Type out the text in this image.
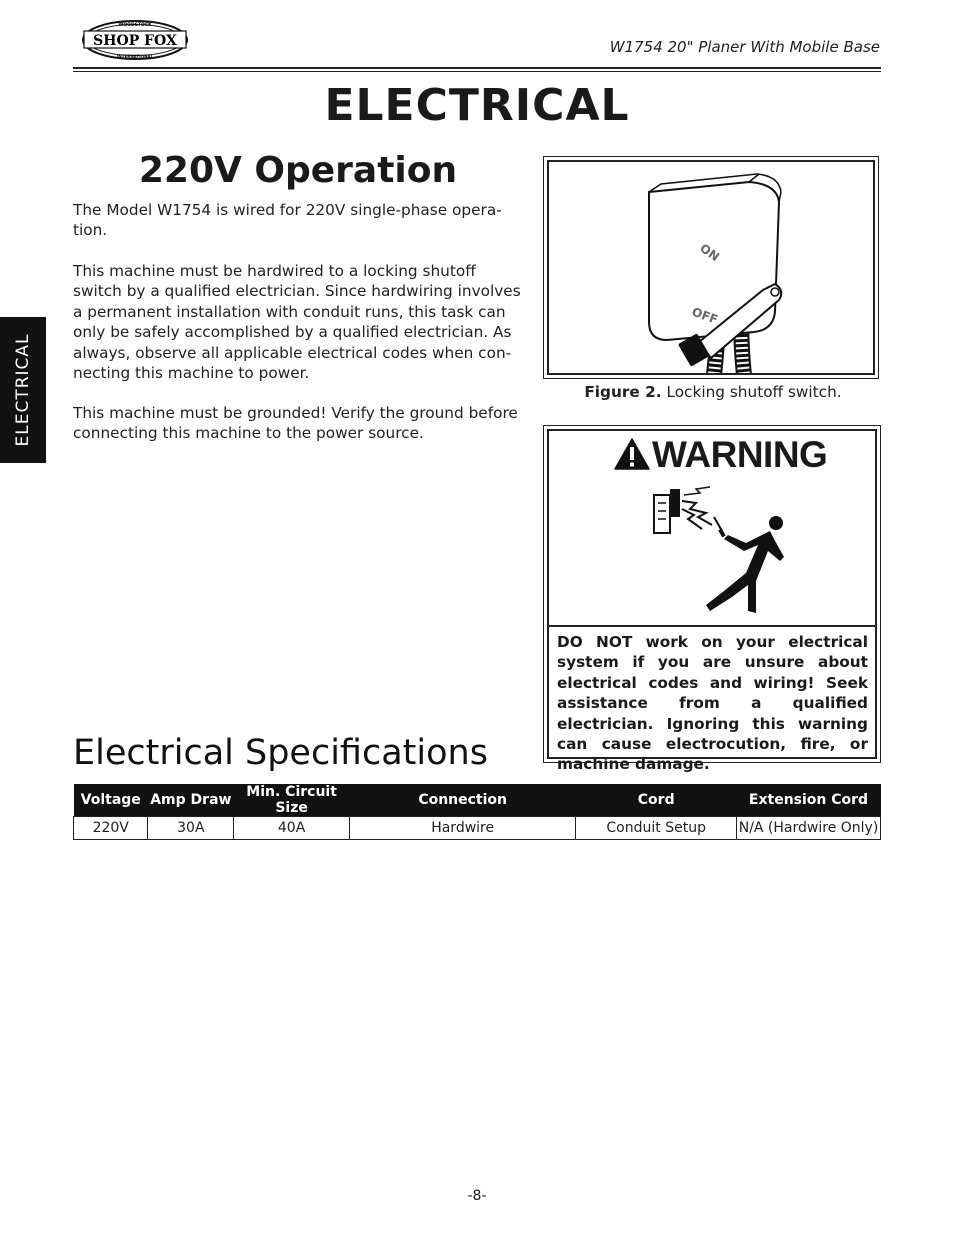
WOODSTOCK
SHOP FOX
INTERNATIONAL
W1754 20" Planer With Mobile Base
ELECTRICAL
ELECTRICAL
220V Operation
The Model W1754 is wired for 220V single-phase opera-tion.
This machine must be hardwired to a locking shutoff switch by a qualified electrician. Since hardwiring involves a permanent installation with conduit runs, this task can only be safely accomplished by a qualified electrician. As always, observe all applicable electrical codes when con-necting this machine to power.
This machine must be grounded! Verify the ground before connecting this machine to the power source.
ON
OFF
Figure 2. Locking shutoff switch.
WARNING
DO NOT work on your electrical system if you are unsure about electrical codes and wiring! Seek assistance from a qualified electrician. Ignoring this warning can cause electrocution, fire, or machine damage.
Electrical Specifications
Voltage	Amp Draw	Min. Circuit Size	Connection	Cord	Extension Cord
220V	30A	40A	Hardwire	Conduit Setup	N/A (Hardwire Only)
-8-
